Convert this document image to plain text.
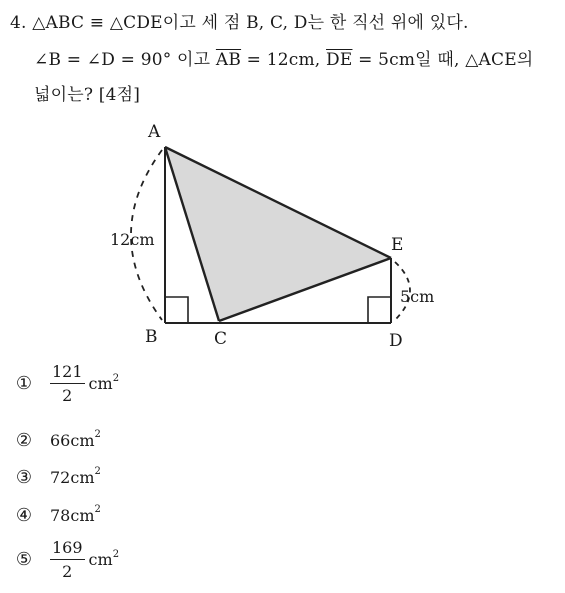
4. △ABC ≡ △CDE이고 세 점 B, C, D는 한 직선 위에 있다.
∠B = ∠D = 90° 이고 $\overline{AB} = 12cm$, $\overline{DE} = 5cm$일 때, △ACE의
넓이는? [4점]
A
B	C	D
E
12cm
5cm
① $\frac{121}{2} cm^2$
② 66 $cm^2$
③ 72 $cm^2$
④ 78 $cm^2$
⑤ $\frac{169}{2} cm^2$
